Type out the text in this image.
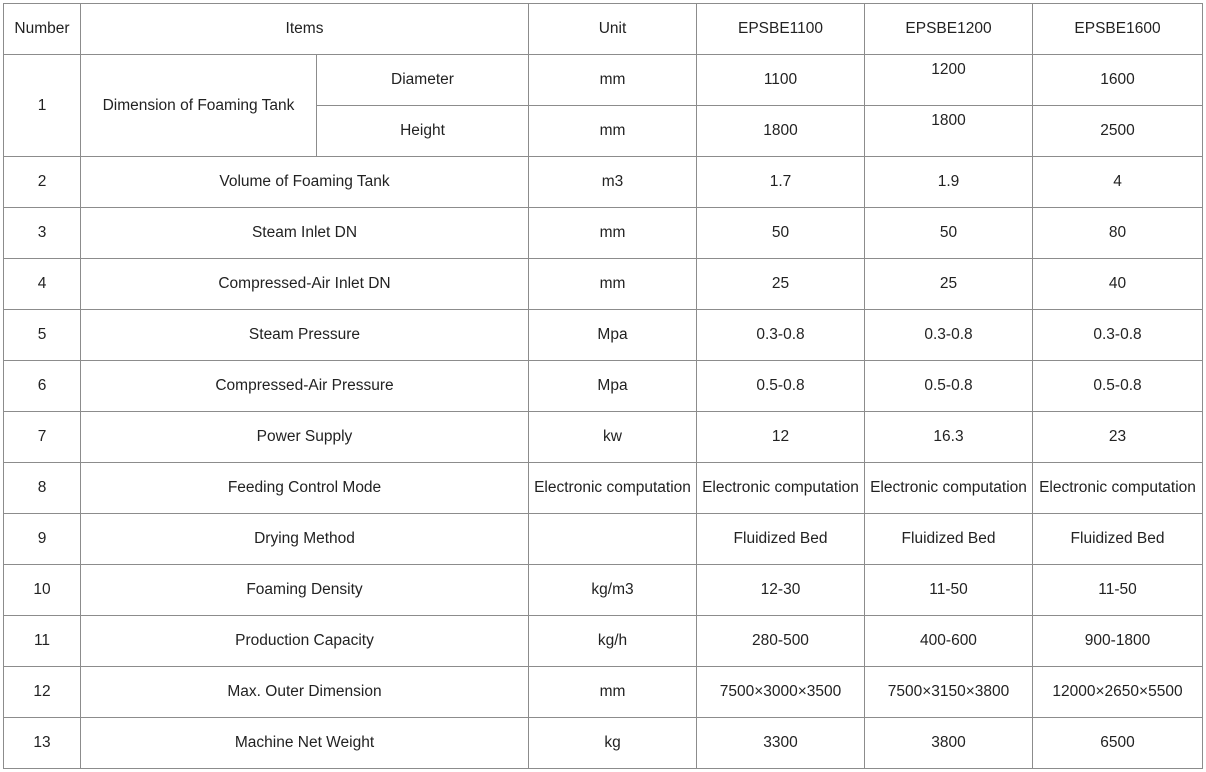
Number	Items		Unit	EPSBE1100	EPSBE1200	EPSBE1600
1	Dimension of Foaming Tank	Diameter	mm	1100	1200	1600
		Height	mm	1800	1800	2500
2	Volume of Foaming Tank		m3	1.7	1.9	4
3	Steam Inlet DN		mm	50	50	80
4	Compressed-Air Inlet DN		mm	25	25	40
5	Steam Pressure		Mpa	0.3-0.8	0.3-0.8	0.3-0.8
6	Compressed-Air Pressure		Mpa	0.5-0.8	0.5-0.8	0.5-0.8
7	Power Supply		kw	12	16.3	23
8	Feeding Control Mode		Electronic computation	Electronic computation	Electronic computation	Electronic computation
9	Drying Method			Fluidized Bed	Fluidized Bed	Fluidized Bed
10	Foaming Density		kg/m3	12-30	11-50	11-50
11	Production Capacity		kg/h	280-500	400-600	900-1800
12	Max. Outer Dimension		mm	7500×3000×3500	7500×3150×3800	12000×2650×5500
13	Machine Net Weight		kg	3300	3800	6500
